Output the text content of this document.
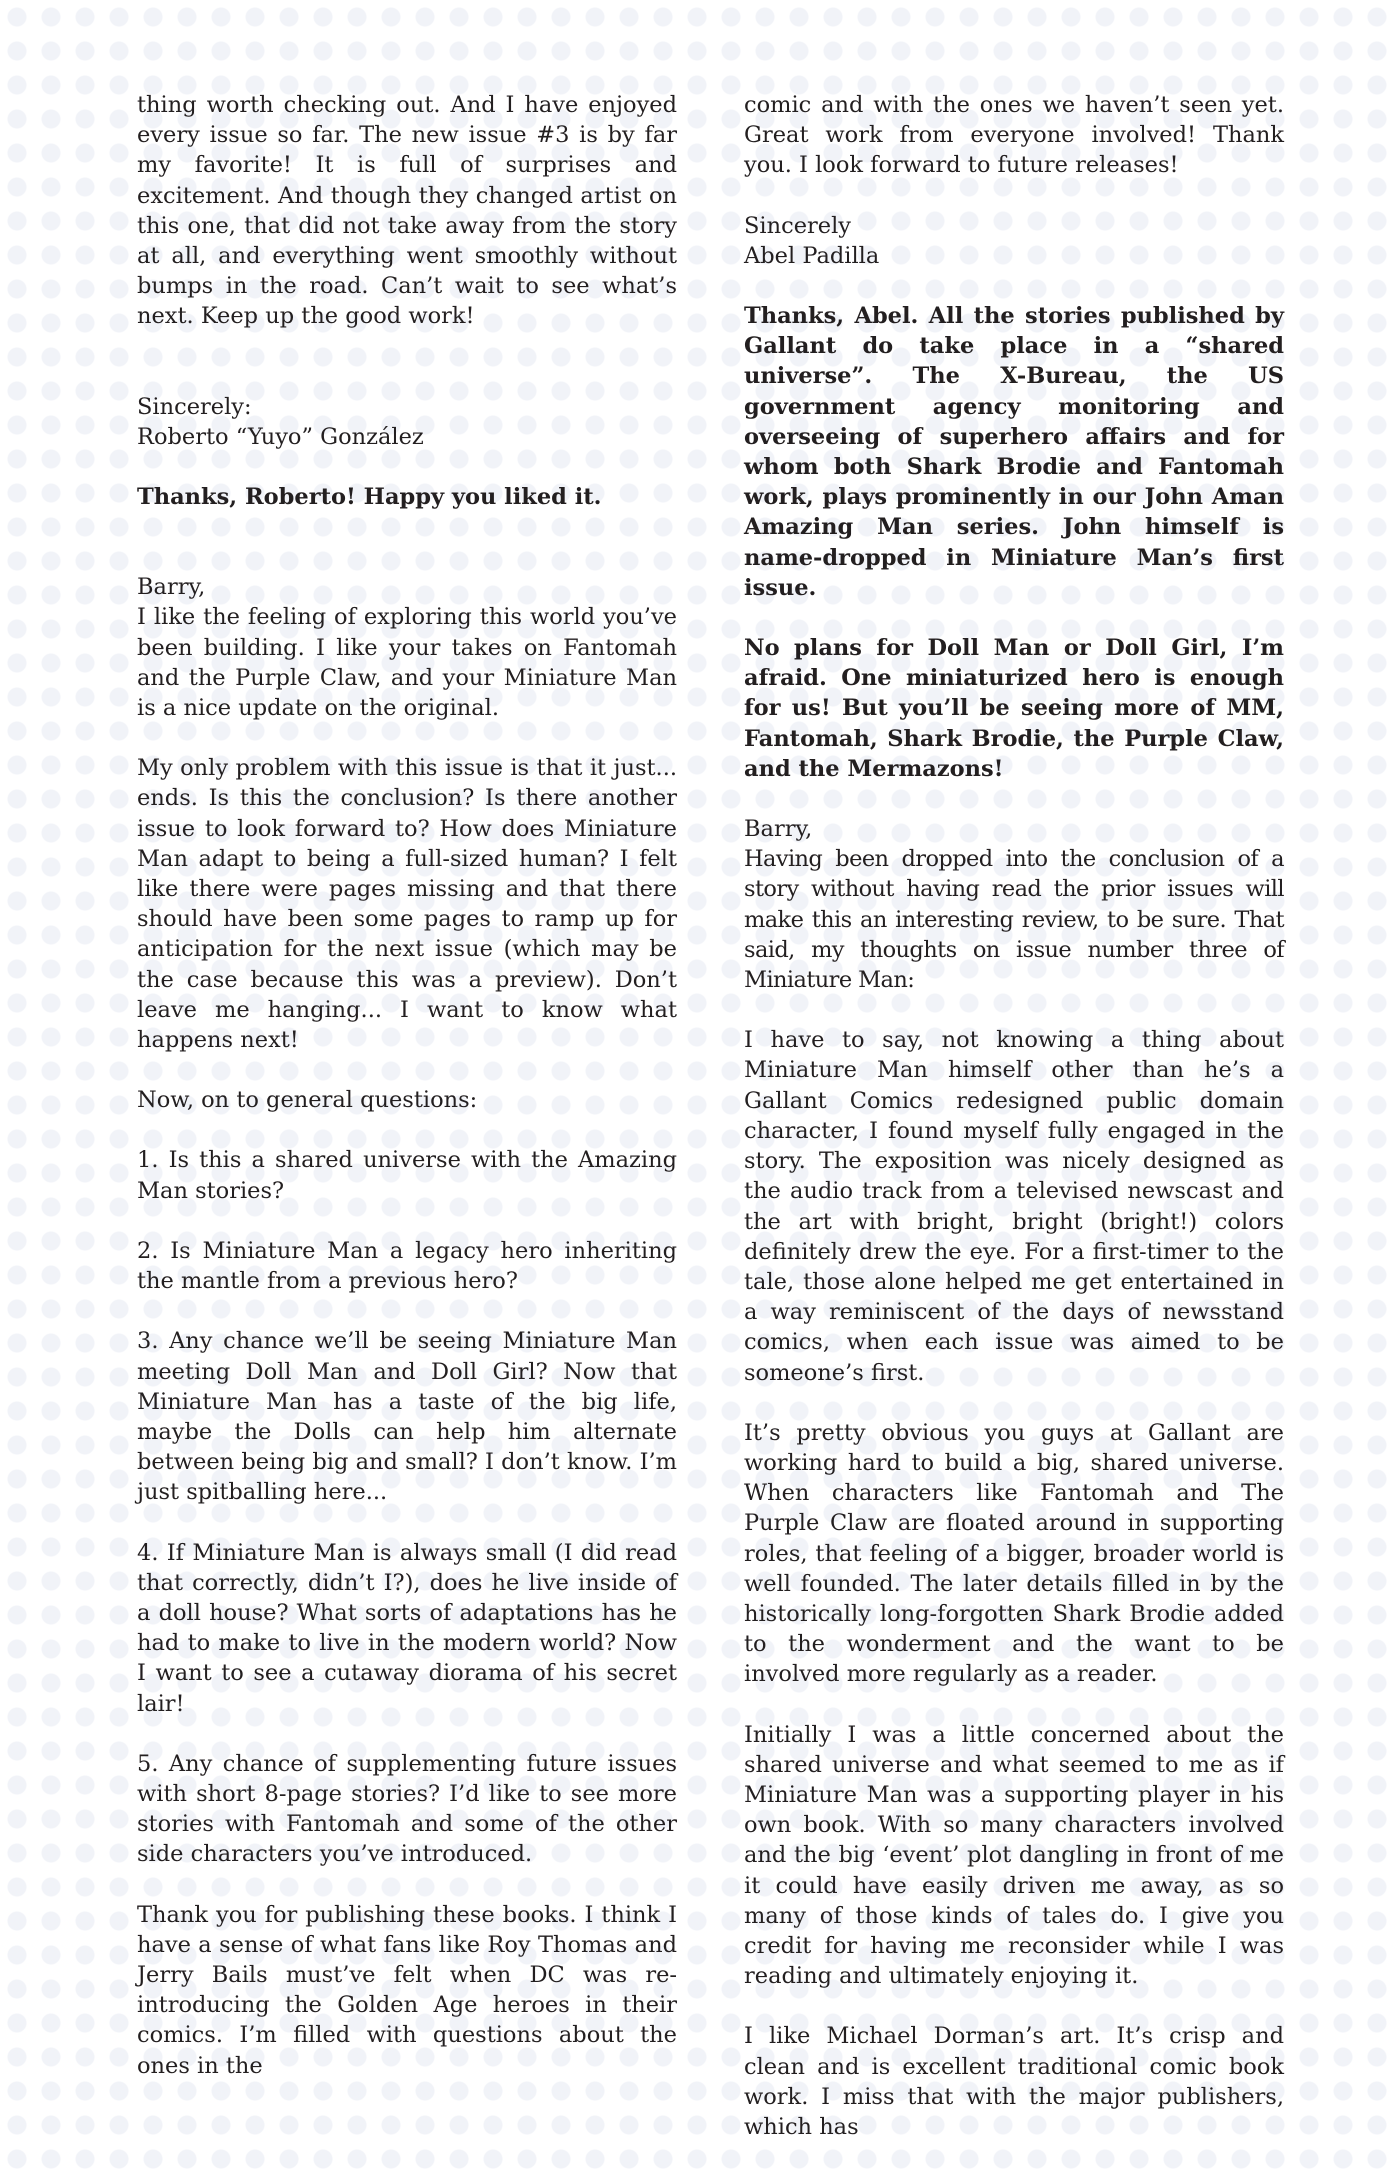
thing worth checking out. And I have enjoyed every issue so far. The new issue #3 is by far my favorite! It is full of surprises and excitement. And though they changed artist on this one, that did not take away from the story at all, and everything went smoothly without bumps in the road. Can’t wait to see what’s next. Keep up the good work!

Sincerely:

Roberto “Yuyo” González

Thanks, Roberto! Happy you liked it.

Barry,

I like the feeling of exploring this world you’ve been building. I like your takes on Fantomah and the Purple Claw, and your Miniature Man is a nice update on the original.

My only problem with this issue is that it just... ends. Is this the conclusion? Is there another issue to look forward to? How does Miniature Man adapt to being a full-sized human? I felt like there were pages missing and that there should have been some pages to ramp up for anticipation for the next issue (which may be the case because this was a preview). Don’t leave me hanging... I want to know what happens next!

Now, on to general questions:

1. Is this a shared universe with the Amazing Man stories?

2. Is Miniature Man a legacy hero inheriting the mantle from a previous hero?

3. Any chance we’ll be seeing Miniature Man meeting Doll Man and Doll Girl? Now that Miniature Man has a taste of the big life, maybe the Dolls can help him alternate between being big and small? I don’t know. I’m just spitballing here...

4. If Miniature Man is always small (I did read that correctly, didn’t I?), does he live inside of a doll house? What sorts of adaptations has he had to make to live in the modern world? Now I want to see a cutaway diorama of his secret lair!

5. Any chance of supplementing future issues with short 8-page stories? I’d like to see more stories with Fantomah and some of the other side characters you’ve introduced.

Thank you for publishing these books. I think I have a sense of what fans like Roy Thomas and Jerry Bails must’ve felt when DC was re-introducing the Golden Age heroes in their comics. I’m filled with questions about the ones in the

comic and with the ones we haven’t seen yet. Great work from everyone involved! Thank you. I look forward to future releases!

Sincerely

Abel Padilla

Thanks, Abel. All the stories published by Gallant do take place in a “shared universe”. The X-Bureau, the US government agency monitoring and overseeing of superhero affairs and for whom both Shark Brodie and Fantomah work, plays prominently in our John Aman Amazing Man series. John himself is name-dropped in Miniature Man’s first issue.

No plans for Doll Man or Doll Girl, I’m afraid. One miniaturized hero is enough for us! But you’ll be seeing more of MM, Fantomah, Shark Brodie, the Purple Claw, and the Mermazons!

Barry,

Having been dropped into the conclusion of a story without having read the prior issues will make this an interesting review, to be sure. That said, my thoughts on issue number three of Miniature Man:

I have to say, not knowing a thing about Miniature Man himself other than he’s a Gallant Comics redesigned public domain character, I found myself fully engaged in the story. The exposition was nicely designed as the audio track from a televised newscast and the art with bright, bright (bright!) colors definitely drew the eye. For a first-timer to the tale, those alone helped me get entertained in a way reminiscent of the days of newsstand comics, when each issue was aimed to be someone’s first.

It’s pretty obvious you guys at Gallant are working hard to build a big, shared universe. When characters like Fantomah and The Purple Claw are floated around in supporting roles, that feeling of a bigger, broader world is well founded. The later details filled in by the historically long-forgotten Shark Brodie added to the wonderment and the want to be involved more regularly as a reader.

Initially I was a little concerned about the shared universe and what seemed to me as if Miniature Man was a supporting player in his own book. With so many characters involved and the big ‘event’ plot dangling in front of me it could have easily driven me away, as so many of those kinds of tales do. I give you credit for having me reconsider while I was reading and ultimately enjoying it.

I like Michael Dorman’s art. It’s crisp and clean and is excellent traditional comic book work. I miss that with the major publishers, which has
